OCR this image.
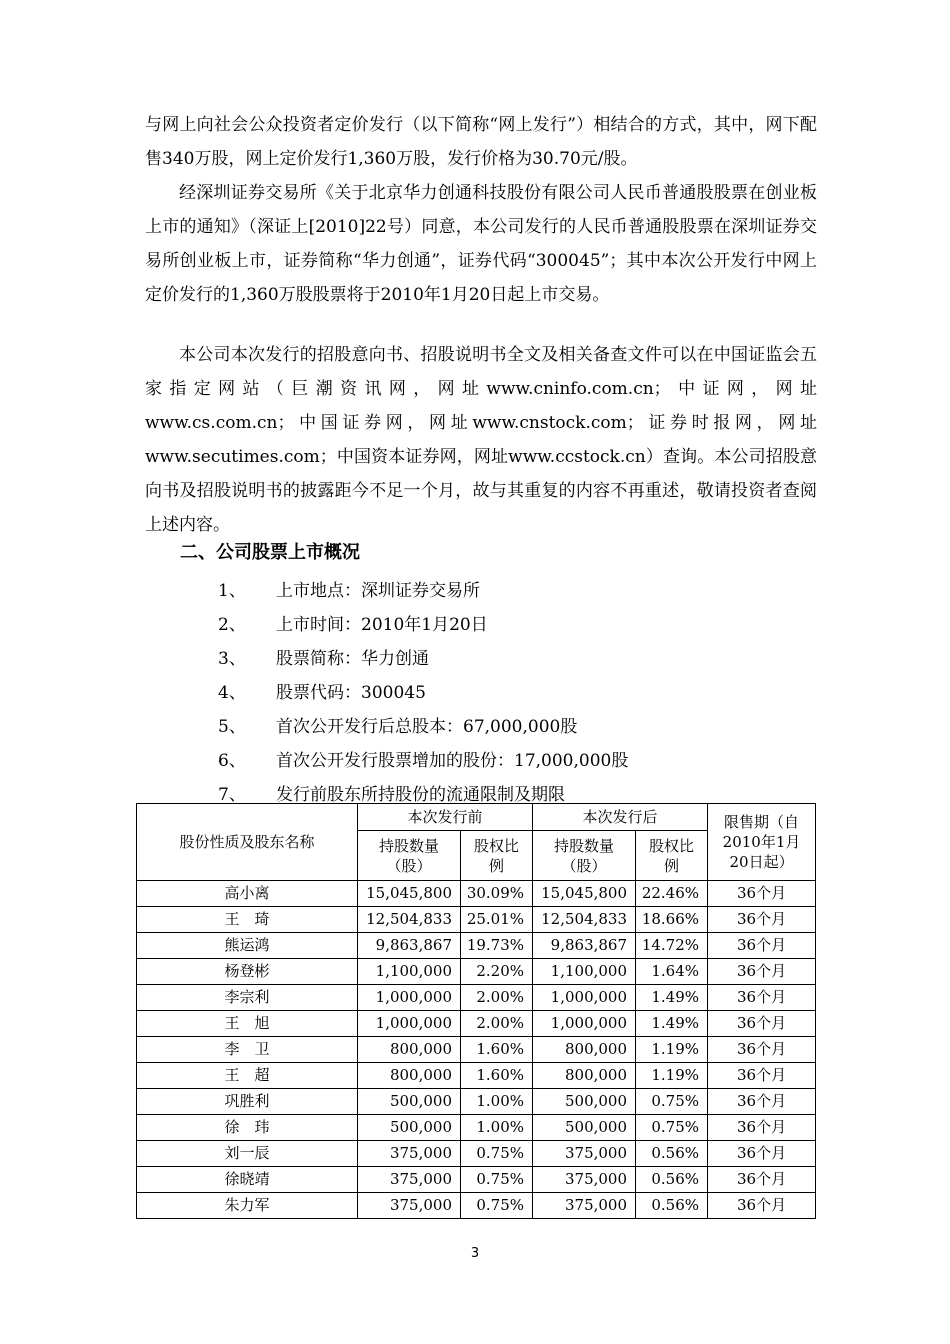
与网上向社会公众投资者定价发行（以下简称“网上发行”）相结合的方式，其中，网下配售340万股，网上定价发行1,360万股，发行价格为30.70元/股。

经深圳证券交易所《关于北京华力创通科技股份有限公司人民币普通股股票在创业板上市的通知》（深证上[2010]22号）同意，本公司发行的人民币普通股股票在深圳证券交易所创业板上市，证券简称“华力创通”，证券代码“300045”；其中本次公开发行中网上定价发行的1,360万股股票将于2010年1月20日起上市交易。

本公司本次发行的招股意向书、招股说明书全文及相关备查文件可以在中国证监会五家指定网站（巨潮资讯网，网址www.cninfo.com.cn；中证网，网址www.cs.com.cn；中国证券网，网址www.cnstock.com；证券时报网，网址www.secutimes.com；中国资本证券网，网址www.ccstock.cn）查询。本公司招股意向书及招股说明书的披露距今不足一个月，故与其重复的内容不再重述，敬请投资者查阅上述内容。

二、公司股票上市概况
1、 上市地点：深圳证券交易所
2、 上市时间：2010年1月20日
3、 股票简称：华力创通
4、 股票代码：300045
5、 首次公开发行后总股本：67,000,000股
6、 首次公开发行股票增加的股份：17,000,000股
7、 发行前股东所持股份的流通限制及期限
股份性质及股东名称	本次发行前		本次发行后		限售期（自2010年1月20日起）
	持股数量（股）	股权比例	持股数量（股）	股权比例	
高小离	15,045,800	30.09%	15,045,800	22.46%	36个月
王　琦	12,504,833	25.01%	12,504,833	18.66%	36个月
熊运鸿	9,863,867	19.73%	9,863,867	14.72%	36个月
杨登彬	1,100,000	2.20%	1,100,000	1.64%	36个月
李宗利	1,000,000	2.00%	1,000,000	1.49%	36个月
王　旭	1,000,000	2.00%	1,000,000	1.49%	36个月
李　卫	800,000	1.60%	800,000	1.19%	36个月
王　超	800,000	1.60%	800,000	1.19%	36个月
巩胜利	500,000	1.00%	500,000	0.75%	36个月
徐　玮	500,000	1.00%	500,000	0.75%	36个月
刘一辰	375,000	0.75%	375,000	0.56%	36个月
徐晓靖	375,000	0.75%	375,000	0.56%	36个月
朱力军	375,000	0.75%	375,000	0.56%	36个月
3
